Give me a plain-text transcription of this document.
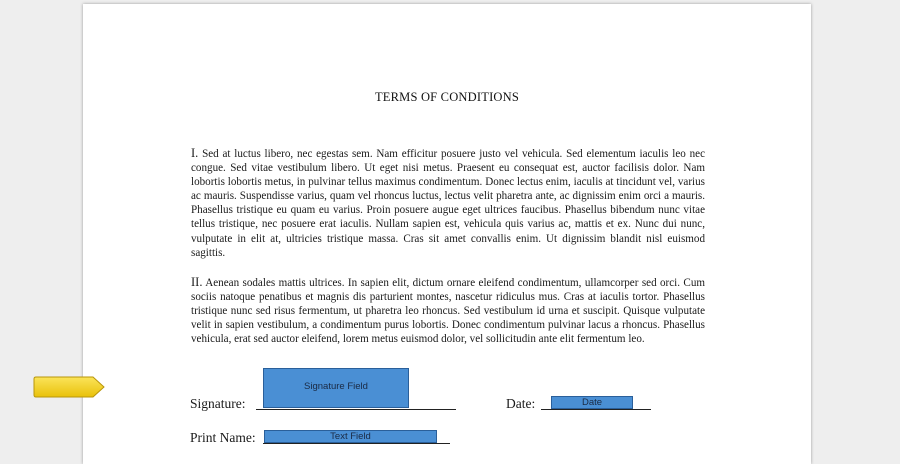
TERMS OF CONDITIONS

I. Sed at luctus libero, nec egestas sem. Nam efficitur posuere justo vel vehicula. Sed elementum iaculis leo nec congue. Sed vitae vestibulum libero. Ut eget nisi metus. Praesent eu consequat est, auctor facilisis dolor. Nam lobortis lobortis metus, in pulvinar tellus maximus condimentum. Donec lectus enim, iaculis at tincidunt vel, varius ac mauris. Suspendisse varius, quam vel rhoncus luctus, lectus velit pharetra ante, ac dignissim enim orci a mauris. Phasellus tristique eu quam eu varius. Proin posuere augue eget ultrices faucibus. Phasellus bibendum nunc vitae tellus tristique, nec posuere erat iaculis. Nullam sapien est, vehicula quis varius ac, mattis et ex. Nunc dui nunc, vulputate in elit at, ultricies tristique massa. Cras sit amet convallis enim. Ut dignissim blandit nisl euismod sagittis.

II. Aenean sodales mattis ultrices. In sapien elit, dictum ornare eleifend condimentum, ullamcorper sed orci. Cum sociis natoque penatibus et magnis dis parturient montes, nascetur ridiculus mus. Cras at iaculis tortor. Phasellus tristique nunc sed risus fermentum, ut pharetra leo rhoncus. Sed vestibulum id urna et suscipit. Quisque vulputate velit in sapien vestibulum, a condimentum purus lobortis. Donec condimentum pulvinar lacus a rhoncus. Phasellus vehicula, erat sed auctor eleifend, lorem metus euismod dolor, vel sollicitudin ante elit fermentum leo.

Signature:
Signature Field
Date:	Date
Print Name:	Text Field
